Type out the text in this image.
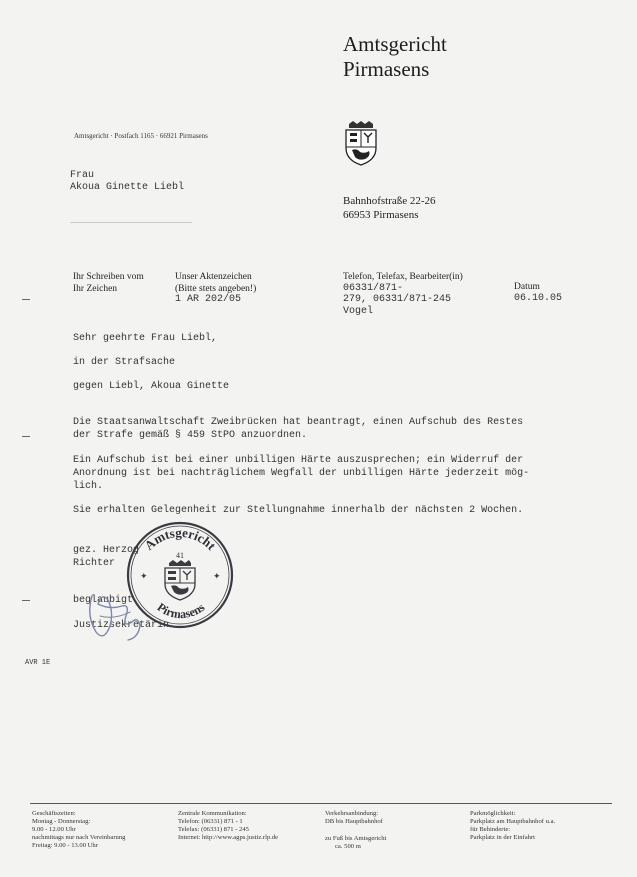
Amtsgericht
Pirmasens
Amtsgericht · Postfach 1165 · 66921 Pirmasens
Bahnhofstraße 22-26
66953 Pirmasens
Frau
Akoua Ginette Liebl
Ihr Schreiben vom
Ihr Zeichen
Unser Aktenzeichen
(Bitte stets angeben!)
1 AR 202/05
Telefon, Telefax, Bearbeiter(in)
06331/871-
279, 06331/871-245
Vogel
Datum
06.10.05
Sehr geehrte Frau Liebl,
in der Strafsache
gegen Liebl, Akoua Ginette
Die Staatsanwaltschaft Zweibrücken hat beantragt, einen Aufschub des Restes
der Strafe gemäß § 459 StPO anzuordnen.
Ein Aufschub ist bei einer unbilligen Härte auszusprechen; ein Widerruf der
Anordnung ist bei nachträglichem Wegfall der unbilligen Härte jederzeit mög-
lich.
Sie erhalten Gelegenheit zur Stellungnahme innerhalb der nächsten 2 Wochen.
gez. Herzog
Richter
beglaubigt
Justizsekretärin
AVR 1E
Amtsgericht
Pirmasens
41
✦	✦
Geschäftszeiten:
Montag - Donnerstag:
9.00 - 12.00 Uhr
nachmittags nur nach Vereinbarung
Freitag: 9.00 - 13.00 Uhr
Zentrale Kommunikation:
Telefon: (06331) 871 - 1
Telefax: (06331) 871 - 245
Internet: http://www.agps.justiz.rlp.de
Verkehrsanbindung:
DB bis Hauptbahnhof
zu Fuß bis Amtsgericht
ca. 500 m
Parkmöglichkeit:
Parkplatz am Hauptbahnhof u.a.
für Behinderte:
Parkplatz in der Einfahrt
